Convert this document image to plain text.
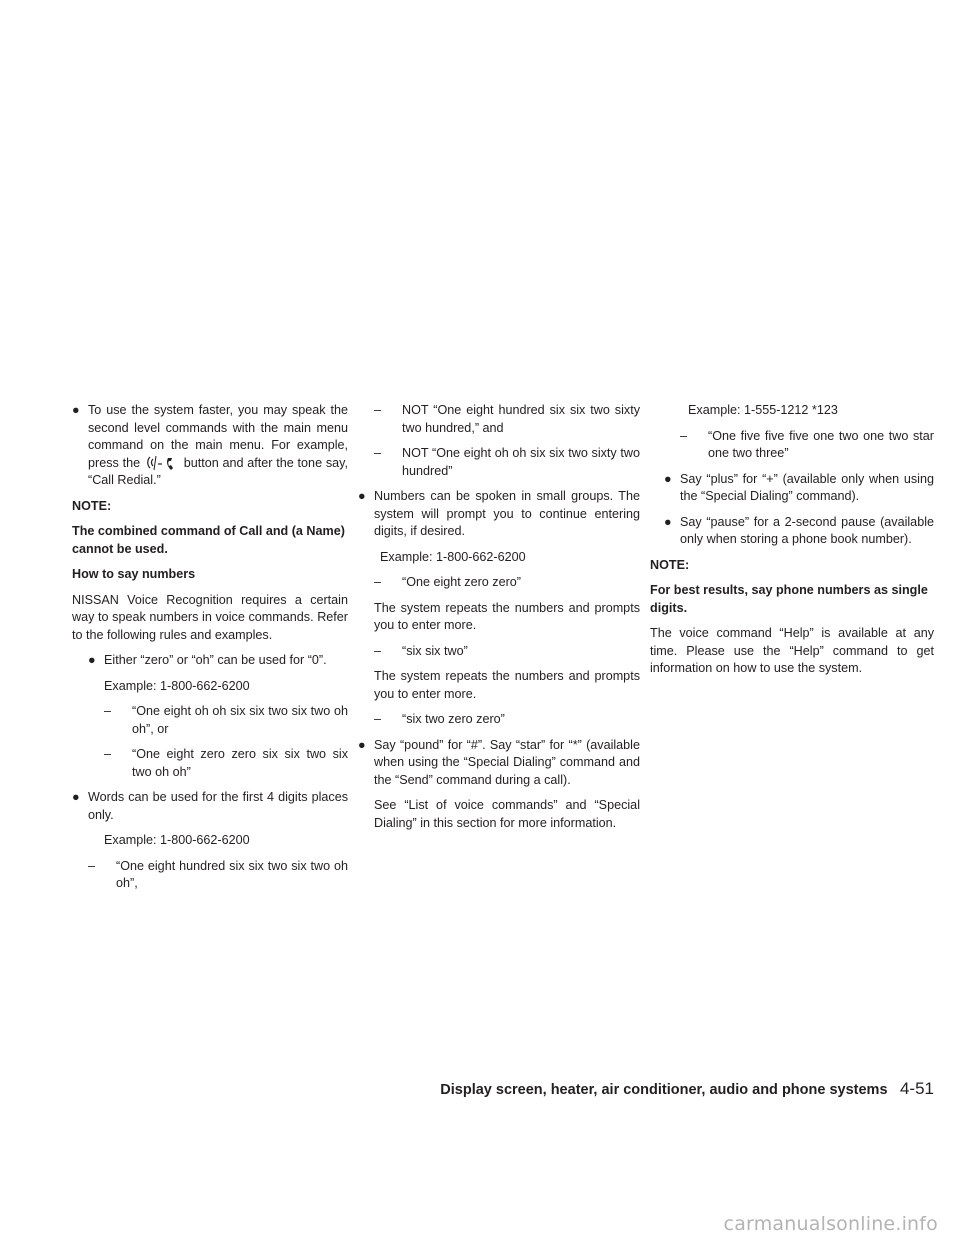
● To use the system faster, you may speak the second level commands with the main menu command on the main menu. For example, press the	button and after the tone say, “Call Redial.”
NOTE:
The combined command of Call and (a Name) cannot be used.
How to say numbers
NISSAN Voice Recognition requires a certain way to speak numbers in voice commands. Refer to the following rules and examples.
● Either “zero” or “oh” can be used for “0”.
Example: 1-800-662-6200
– “One eight oh oh six six two six two oh oh”, or
– “One eight zero zero six six two six two oh oh”
● Words can be used for the first 4 digits places only.
Example: 1-800-662-6200
– “One eight hundred six six two six two oh oh”,
– NOT “One eight hundred six six two sixty two hundred,” and
– NOT “One eight oh oh six six two sixty two hundred”
● Numbers can be spoken in small groups. The system will prompt you to continue entering digits, if desired.
Example: 1-800-662-6200
– “One eight zero zero”
The system repeats the numbers and prompts you to enter more.
– “six six two”
The system repeats the numbers and prompts you to enter more.
– “six two zero zero”
● Say “pound” for “#”. Say “star” for “*” (available when using the “Special Dialing” command and the “Send” command during a call).
See “List of voice commands” and “Special Dialing” in this section for more information.
Example: 1-555-1212 *123
– “One five five five one two one two star one two three”
● Say “plus” for “+” (available only when using the “Special Dialing” command).
● Say “pause” for a 2-second pause (available only when storing a phone book number).
NOTE:
For best results, say phone numbers as single digits.
The voice command “Help” is available at any time. Please use the “Help” command to get information on how to use the system.
Display screen, heater, air conditioner, audio and phone systems 4-51
carmanualsonline.info
